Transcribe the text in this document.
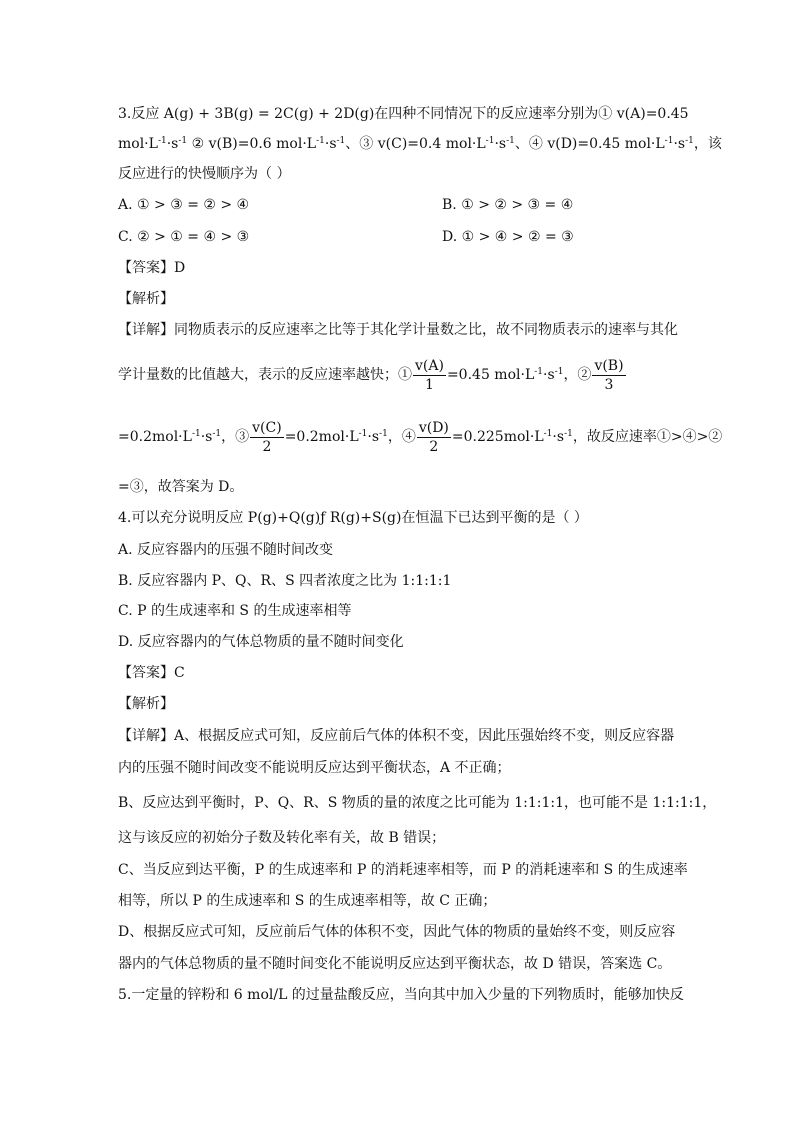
3.反应 A(g) + 3B(g) = 2C(g) + 2D(g)在四种不同情况下的反应速率分别为① v(A)=0.45
$mol\cdot L^{-1}\cdot s^{-1}$ ② v(B)=0.6 $mol\cdot L^{-1}\cdot s^{-1}$、③ v(C)=0.4 $mol\cdot L^{-1}\cdot s^{-1}$、④ v(D)=0.45 $mol\cdot L^{-1}\cdot s^{-1}$，该
反应进行的快慢顺序为（ ）
A. ① > ③ = ② > ④	B. ① > ② > ③ = ④
C. ② > ① = ④ > ③	D. ① > ④ > ② = ③
【答案】D
【解析】
【详解】同物质表示的反应速率之比等于其化学计量数之比，故不同物质表示的速率与其化
学计量数的比值越大，表示的反应速率越快；① $\frac{v(A)}{1} =0.45$ $mol\cdot L^{-1}\cdot s^{-1}$，② $\frac{v(B)}{3}$
$=0.2mol\cdot L^{-1}\cdot s^{-1}$，③ $\frac{v(C)}{2} =0.2mol\cdot L^{-1}\cdot s^{-1}$，④ $\frac{v(D)}{2} =0.225mol\cdot L^{-1}\cdot s^{-1}$，故反应速率①>④>②
=③，故答案为 D。
4.可以充分说明反应 P(g)+Q(g)ƒ R(g)+S(g)在恒温下已达到平衡的是（ ）
A. 反应容器内的压强不随时间改变
B. 反应容器内 P、Q、R、S 四者浓度之比为 1:1:1:1
C. P 的生成速率和 S 的生成速率相等
D. 反应容器内的气体总物质的量不随时间变化
【答案】C
【解析】
【详解】A、根据反应式可知，反应前后气体的体积不变，因此压强始终不变，则反应容器
内的压强不随时间改变不能说明反应达到平衡状态，A 不正确；
B、反应达到平衡时，P、Q、R、S 物质的量的浓度之比可能为 1:1:1:1，也可能不是 1:1:1:1，
这与该反应的初始分子数及转化率有关，故 B 错误；
C、当反应到达平衡，P 的生成速率和 P 的消耗速率相等，而 P 的消耗速率和 S 的生成速率
相等，所以 P 的生成速率和 S 的生成速率相等，故 C 正确；
D、根据反应式可知，反应前后气体的体积不变，因此气体的物质的量始终不变，则反应容
器内的气体总物质的量不随时间变化不能说明反应达到平衡状态，故 D 错误，答案选 C。
5.一定量的锌粉和 6 mol/L 的过量盐酸反应，当向其中加入少量的下列物质时，能够加快反
